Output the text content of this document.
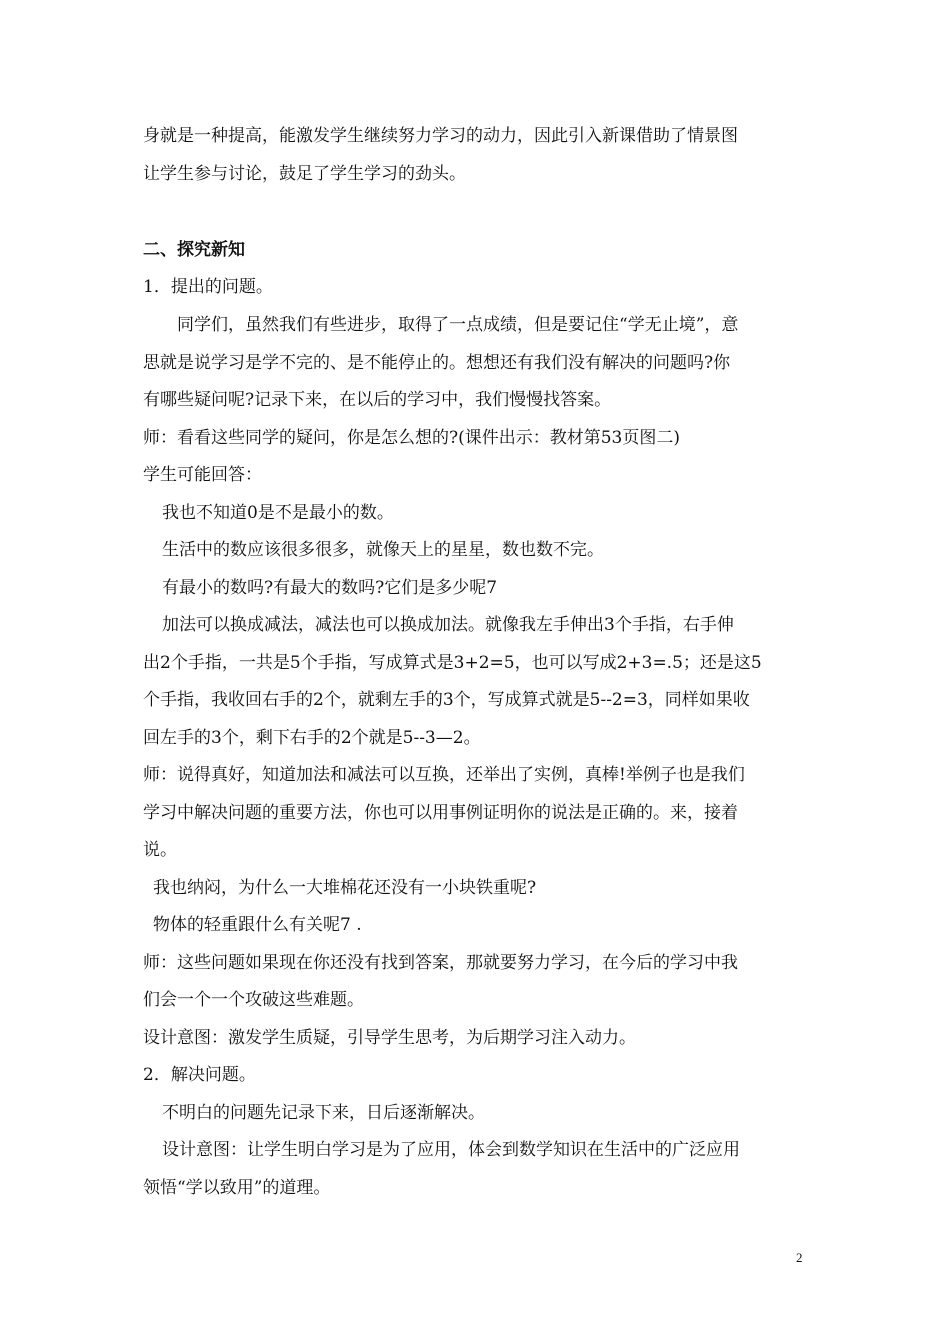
身就是一种提高，能激发学生继续努力学习的动力，因此引入新课借助了情景图
让学生参与讨论，鼓足了学生学习的劲头。
二、探究新知
1．提出的问题。
同学们，虽然我们有些进步，取得了一点成绩，但是要记住“学无止境”，意
思就是说学习是学不完的、是不能停止的。想想还有我们没有解决的问题吗?你
有哪些疑问呢?记录下来，在以后的学习中，我们慢慢找答案。
师：看看这些同学的疑问，你是怎么想的?(课件出示：教材第53页图二)
学生可能回答：
我也不知道0是不是最小的数。
生活中的数应该很多很多，就像天上的星星，数也数不完。
有最小的数吗?有最大的数吗?它们是多少呢7
加法可以换成减法，减法也可以换成加法。就像我左手伸出3个手指，右手伸
出2个手指，一共是5个手指，写成算式是3+2=5，也可以写成2+3=.5；还是这5
个手指，我收回右手的2个，就剩左手的3个，写成算式就是5--2=3，同样如果收
回左手的3个，剩下右手的2个就是5--3—2。
师：说得真好，知道加法和减法可以互换，还举出了实例，真棒!举例子也是我们
学习中解决问题的重要方法，你也可以用事例证明你的说法是正确的。来，接着
说。
我也纳闷，为什么一大堆棉花还没有一小块铁重呢?
物体的轻重跟什么有关呢7 .
师：这些问题如果现在你还没有找到答案，那就要努力学习，在今后的学习中我
们会一个一个攻破这些难题。
设计意图：激发学生质疑，引导学生思考，为后期学习注入动力。
2．解决问题。
不明白的问题先记录下来，日后逐渐解决。
设计意图：让学生明白学习是为了应用，体会到数学知识在生活中的广泛应用
领悟“学以致用”的道理。
2
